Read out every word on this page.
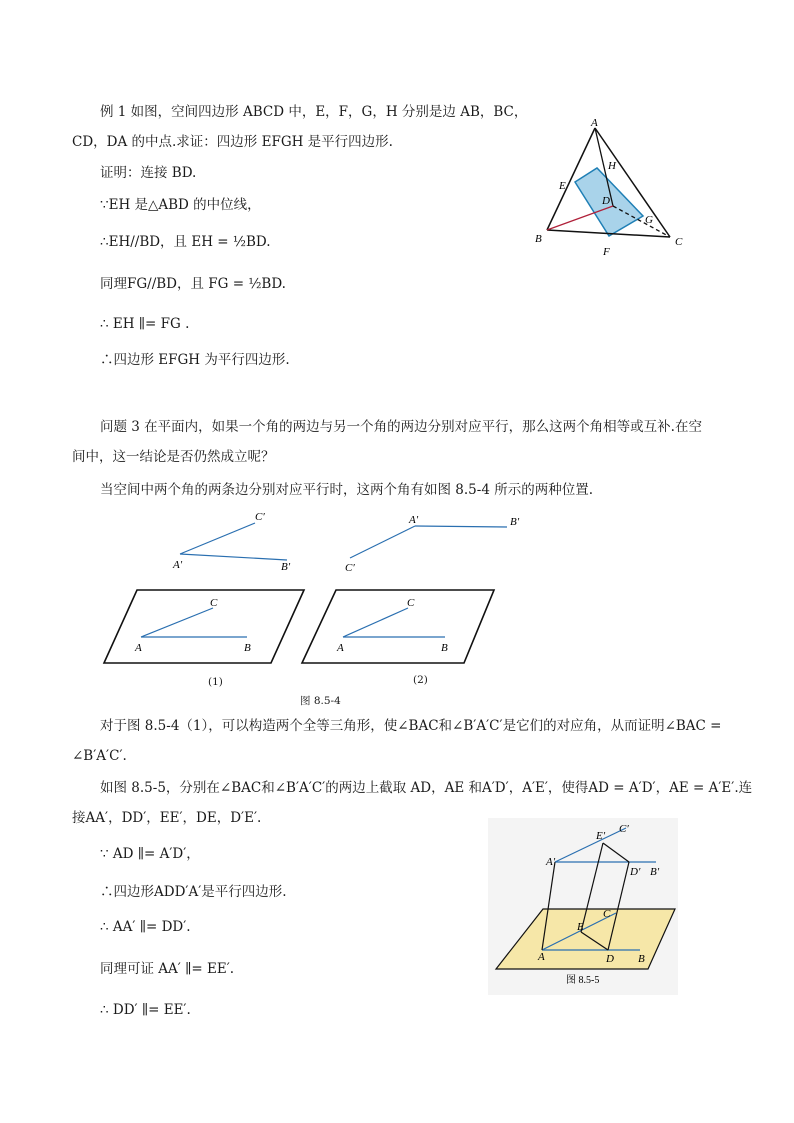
例 1 如图，空间四边形 ABCD 中，E，F，G，H 分别是边 AB，BC，
CD，DA 的中点.求证：四边形 EFGH 是平行四边形.
证明：连接 BD.
∵EH 是△ABD 的中位线，
∴EH//BD，且 EH = ½BD.
同理FG//BD，且 FG = ½BD.
∴ EH ∥= FG .
∴四边形 EFGH 为平行四边形.
A
B	C
D
E
F
G
H
问题 3 在平面内，如果一个角的两边与另一个角的两边分别对应平行，那么这两个角相等或互补.在空
间中，这一结论是否仍然成立呢？
当空间中两个角的两条边分别对应平行时，这两个角有如图 8.5-4 所示的两种位置.
C′
A′	B′
A′	B′
C′
C
A	B
C
A	B
(1)	(2)
图 8.5-4
对于图 8.5-4（1），可以构造两个全等三角形，使∠BAC和∠B′A′C′是它们的对应角，从而证明∠BAC =
∠B′A′C′.
如图 8.5-5，分别在∠BAC和∠B′A′C′的两边上截取 AD，AE 和A′D′，A′E′，使得AD = A′D′，AE = A′E′.连
接AA′，DD′，EE′，DE，D′E′.
∵ AD ∥= A′D′，
∴四边形ADD′A′是平行四边形.
∴ AA′ ∥= DD′.
同理可证 AA′ ∥= EE′.
∴ DD′ ∥= EE′.
E′
C′
A′
D′ B′
C
E
A	D B
图 8.5-5
